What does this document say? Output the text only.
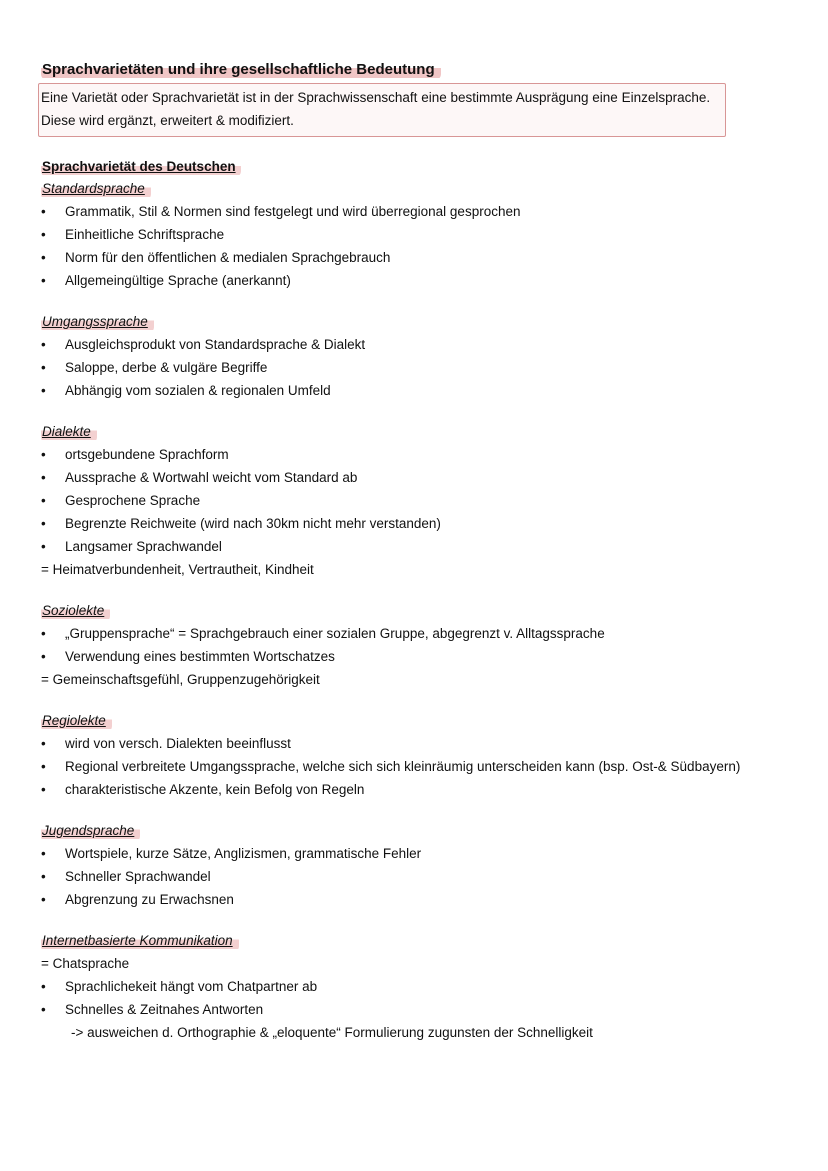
Sprachvarietäten und ihre gesellschaftliche Bedeutung
Eine Varietät oder Sprachvarietät ist in der Sprachwissenschaft eine bestimmte Ausprägung eine Einzelsprache.
Diese wird ergänzt, erweitert & modifiziert.
Sprachvarietät des Deutschen
Standardsprache
• Grammatik, Stil & Normen sind festgelegt und wird überregional gesprochen
• Einheitliche Schriftsprache
• Norm für den öffentlichen & medialen Sprachgebrauch
• Allgemeingültige Sprache (anerkannt)
Umgangssprache
• Ausgleichsprodukt von Standardsprache & Dialekt
• Saloppe, derbe & vulgäre Begriffe
• Abhängig vom sozialen & regionalen Umfeld
Dialekte
• ortsgebundene Sprachform
• Aussprache & Wortwahl weicht vom Standard ab
• Gesprochene Sprache
• Begrenzte Reichweite (wird nach 30km nicht mehr verstanden)
• Langsamer Sprachwandel
= Heimatverbundenheit, Vertrautheit, Kindheit
Soziolekte
• „Gruppensprache“ = Sprachgebrauch einer sozialen Gruppe, abgegrenzt v. Alltagssprache
• Verwendung eines bestimmten Wortschatzes
= Gemeinschaftsgefühl, Gruppenzugehörigkeit
Regiolekte
• wird von versch. Dialekten beeinflusst
• Regional verbreitete Umgangssprache, welche sich sich kleinräumig unterscheiden kann (bsp. Ost-& Südbayern)
• charakteristische Akzente, kein Befolg von Regeln
Jugendsprache
• Wortspiele, kurze Sätze, Anglizismen, grammatische Fehler
• Schneller Sprachwandel
• Abgrenzung zu Erwachsnen
Internetbasierte Kommunikation
= Chatsprache
• Sprachlichekeit hängt vom Chatpartner ab
• Schnelles & Zeitnahes Antworten
-> ausweichen d. Orthographie & „eloquente“ Formulierung zugunsten der Schnelligkeit
